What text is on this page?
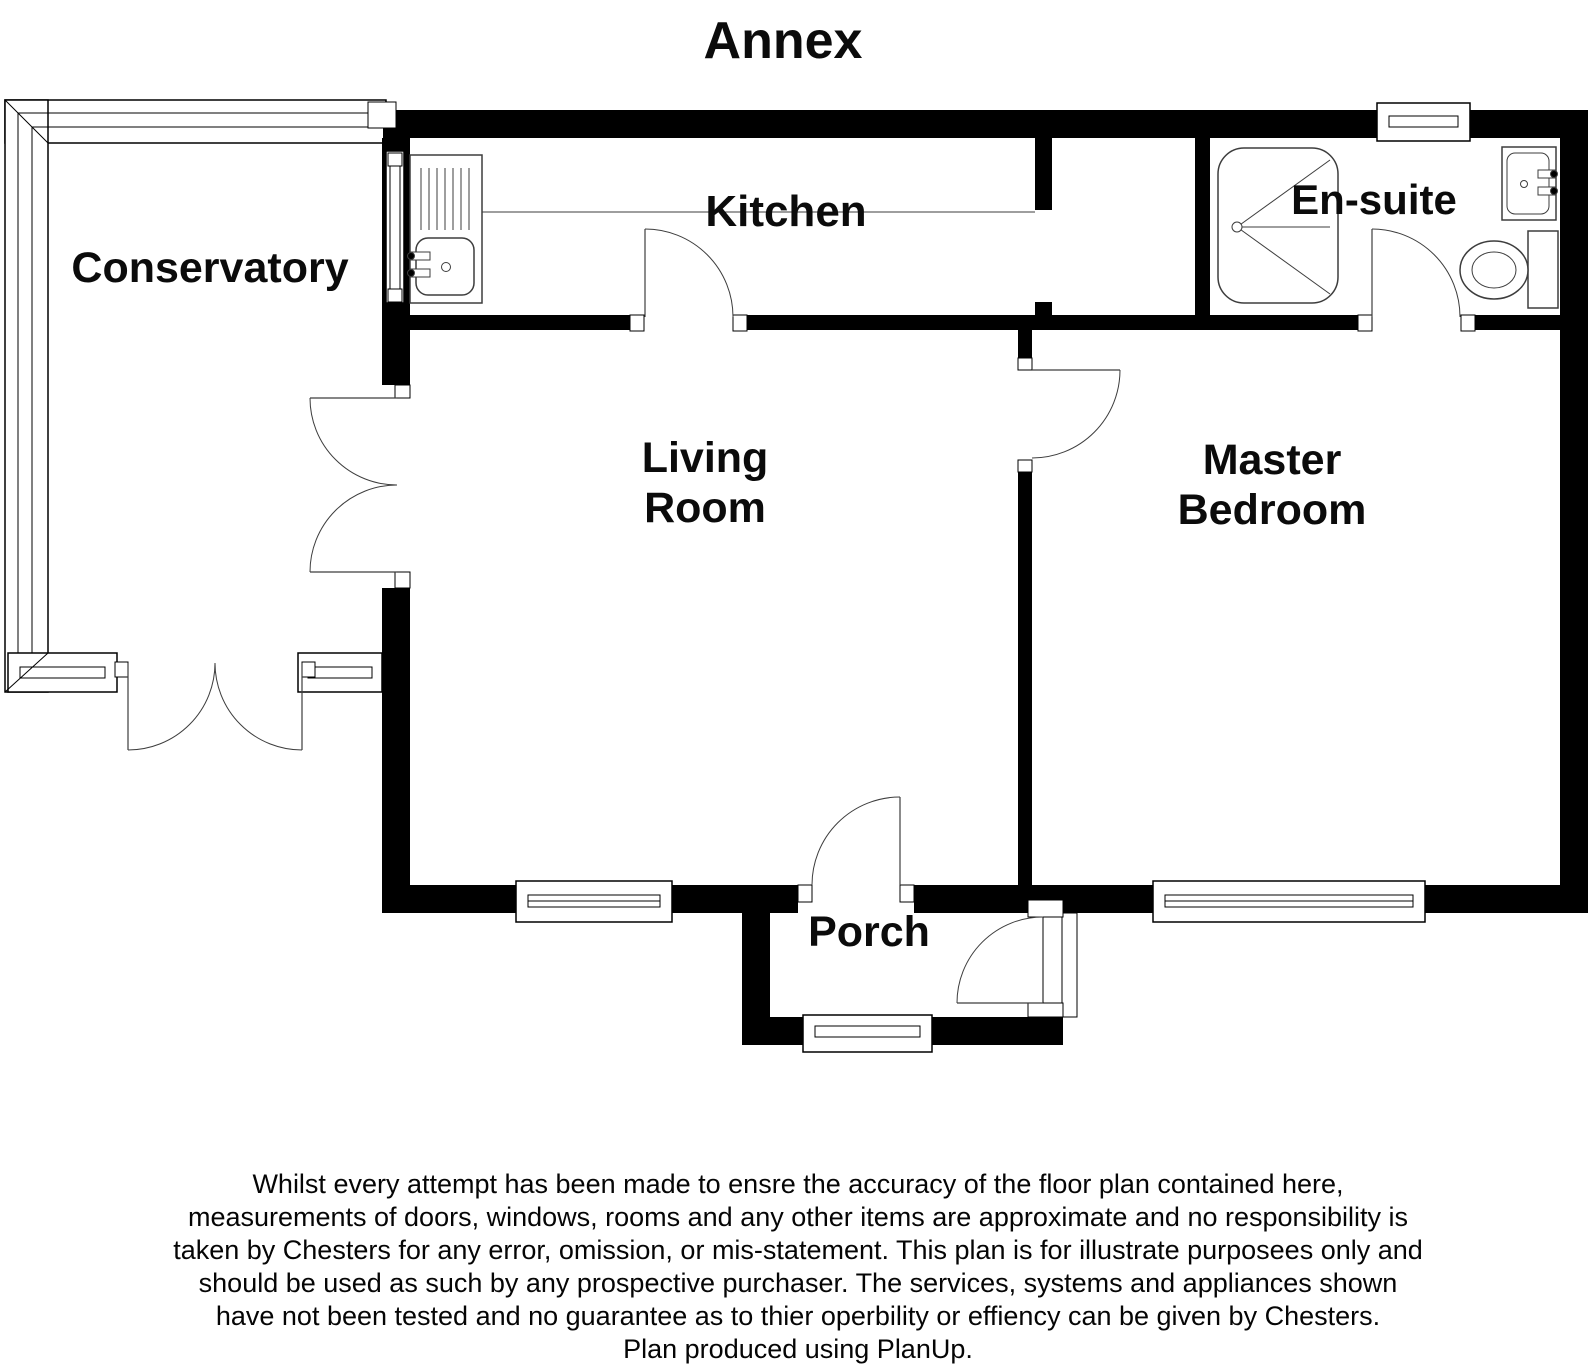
Annex
Conservatory
Kitchen	En-suite
Living
Room
Master
Bedroom
Porch
Whilst every attempt has been made to ensre the accuracy of the floor plan contained here,
measurements of doors, windows, rooms and any other items are approximate and no responsibility is
taken by Chesters for any error, omission, or mis-statement. This plan is for illustrate purposees only and
should be used as such by any prospective purchaser. The services, systems and appliances shown
have not been tested and no guarantee as to thier operbility or effiency can be given by Chesters.
Plan produced using PlanUp.
